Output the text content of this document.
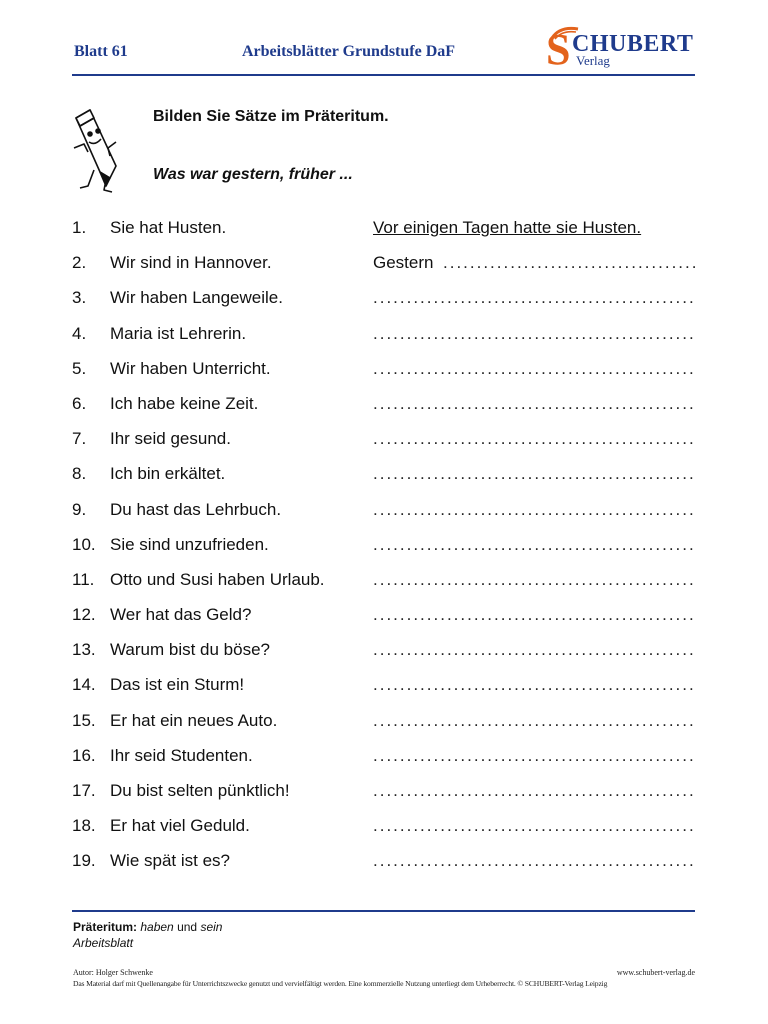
Blatt 61	Arbeitsblätter Grundstufe DaF S CHUBERT
Verlag
Bilden Sie Sätze im Präteritum.
Was war gestern, früher ...
1. Sie hat Husten.	Vor einigen Tagen hatte sie Husten.
2. Wir sind in Hannover.	Gestern
.....
3. Wir haben Langeweile.
.....
4. Maria ist Lehrerin.
.....
5. Wir haben Unterricht.
.....
6. Ich habe keine Zeit.
.....
7. Ihr seid gesund.
.....
8. Ich bin erkältet.
.....
9. Du hast das Lehrbuch.
.....
10. Sie sind unzufrieden.
.....
11. Otto und Susi haben Urlaub.
.....
12. Wer hat das Geld?
.....
13. Warum bist du böse?
.....
14. Das ist ein Sturm!
.....
15. Er hat ein neues Auto.
.....
16. Ihr seid Studenten.
.....
17. Du bist selten pünktlich!
.....
18. Er hat viel Geduld.
.....
19. Wie spät ist es?
.....
Präteritum: haben und sein
Arbeitsblatt
Autor: Holger Schwenke	www.schubert-verlag.de
Das Material darf mit Quellenangabe für Unterrichtszwecke genutzt und vervielfältigt werden. Eine kommerzielle Nutzung unterliegt dem Urheberrecht. © SCHUBERT-Verlag Leipzig
